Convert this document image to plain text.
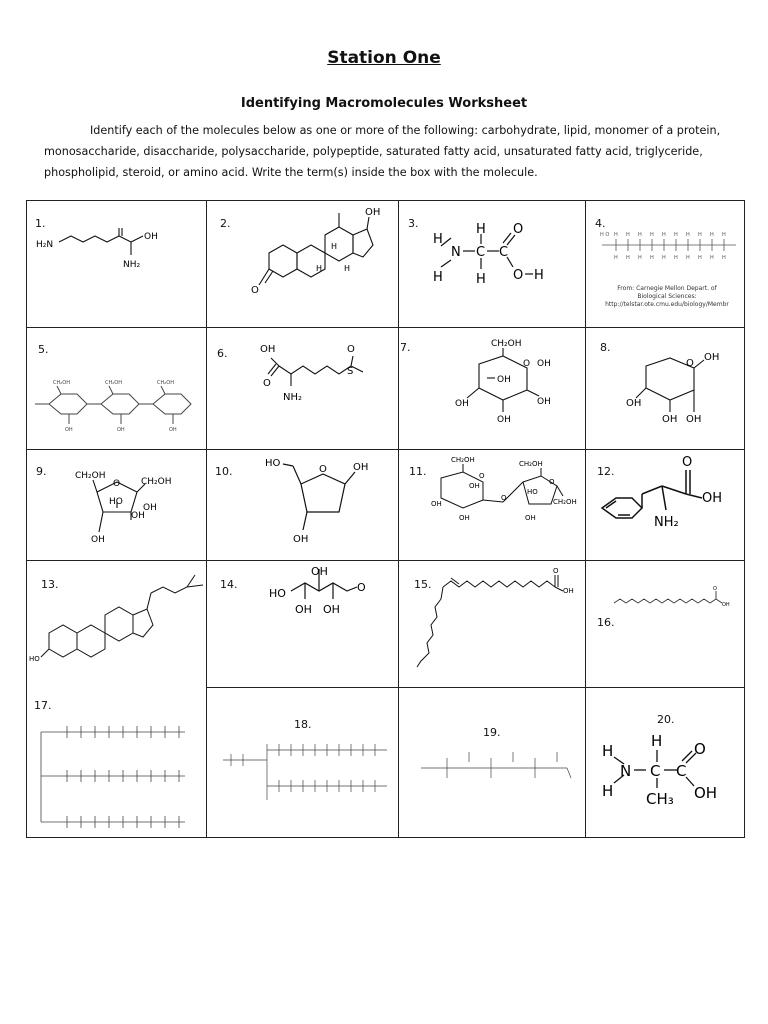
Station One
Identifying Macromolecules Worksheet
Identify each of the molecules below as one or more of the following: carbohydrate, lipid, monomer of a protein, monosaccharide, disaccharide, polysaccharide, polypeptide, saturated fatty acid, unsaturated fatty acid, triglyceride, phospholipid, steroid, or amino acid. Write the term(s) inside the box with the molecule.
1.	2.	3.	4.
5.	6.	7.	8.
9.	10.	11.	12.
13.	14.	15.
16.
17.
18.
19.
20.
H₂N
OH
NH₂
O
OH
H
H	H
H
N
H
H
C
H
C
O
O H
H O H H H H H H H H H H
H H H H H H H H H H
From: Carnegie Mellon Depart. of
Biological Sciences:
http://telstar.ote.cmu.edu/biology/Membr
CH₂OH	CH₂OH	CH₂OH
OH	OH	OH
OH
O
NH₂
O
S
CH₂OH
O OH
OH
OH
OH
OH
O
OH
OH
OH OH
CH₂OH
O CH₂OH
HO
OH
OH
OH
HO
O	OH
OH
CH₂OH
O
OH
OH
OH
O
CH₂OH
O
HO
OH
CH₂OH
O
OH
NH₂
HO
HO
OH
OH OH
O
O
OH	O
OH
H
N
H
H
C
CH₃
C
O
OH
